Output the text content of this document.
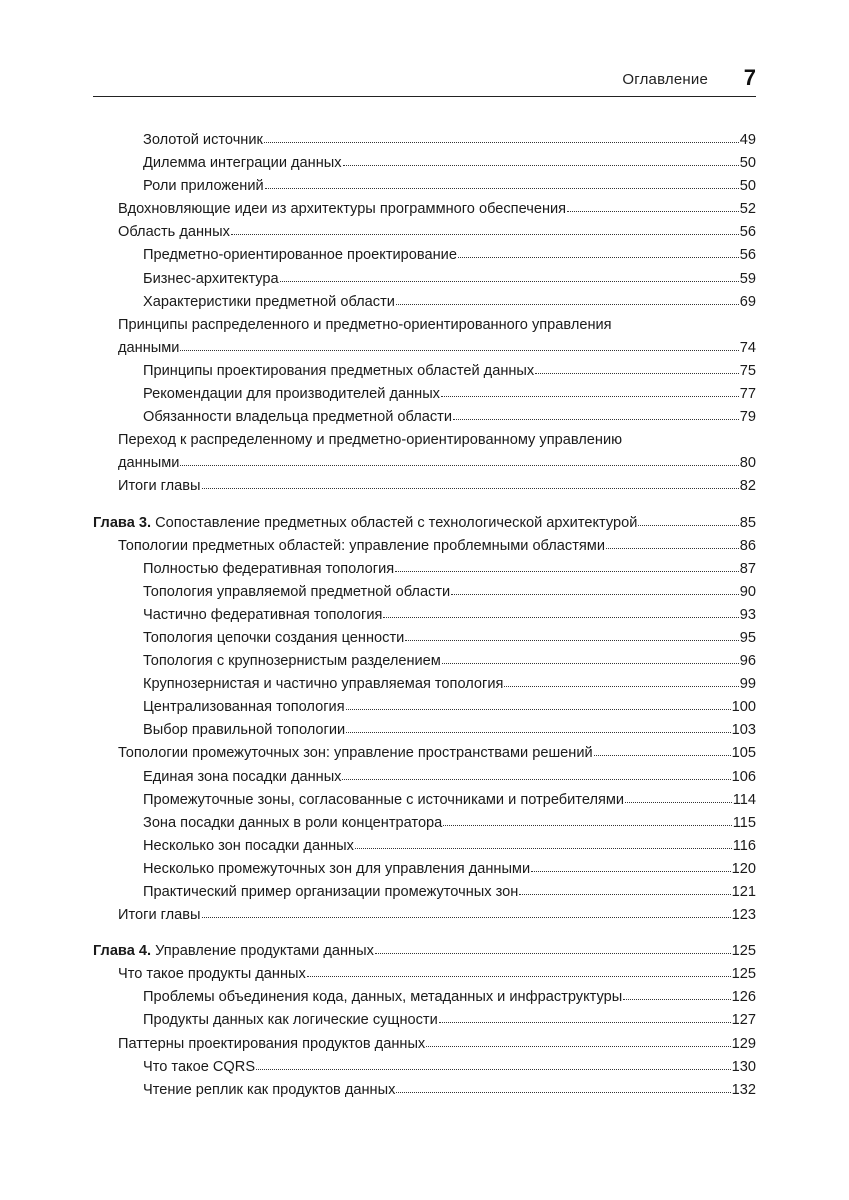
Оглавление 7
Золотой источник	49
Дилемма интеграции данных	50
Роли приложений	50
Вдохновляющие идеи из архитектуры программного обеспечения	52
Область данных	56
Предметно-ориентированное проектирование	56
Бизнес-архитектура	59
Характеристики предметной области	69
Принципы распределенного и предметно-ориентированного управления
данными	74
Принципы проектирования предметных областей данных	75
Рекомендации для производителей данных	77
Обязанности владельца предметной области	79
Переход к распределенному и предметно-ориентированному управлению
данными	80
Итоги главы	82
Глава 3. Сопоставление предметных областей с технологической архитектурой	85
Топологии предметных областей: управление проблемными областями	86
Полностью федеративная топология	87
Топология управляемой предметной области	90
Частично федеративная топология	93
Топология цепочки создания ценности	95
Топология с крупнозернистым разделением	96
Крупнозернистая и частично управляемая топология	99
Централизованная топология	100
Выбор правильной топологии	103
Топологии промежуточных зон: управление пространствами решений	105
Единая зона посадки данных	106
Промежуточные зоны, согласованные с источниками и потребителями	114
Зона посадки данных в роли концентратора	115
Несколько зон посадки данных	116
Несколько промежуточных зон для управления данными	120
Практический пример организации промежуточных зон	121
Итоги главы	123
Глава 4. Управление продуктами данных	125
Что такое продукты данных	125
Проблемы объединения кода, данных, метаданных и инфраструктуры	126
Продукты данных как логические сущности	127
Паттерны проектирования продуктов данных	129
Что такое CQRS	130
Чтение реплик как продуктов данных	132
